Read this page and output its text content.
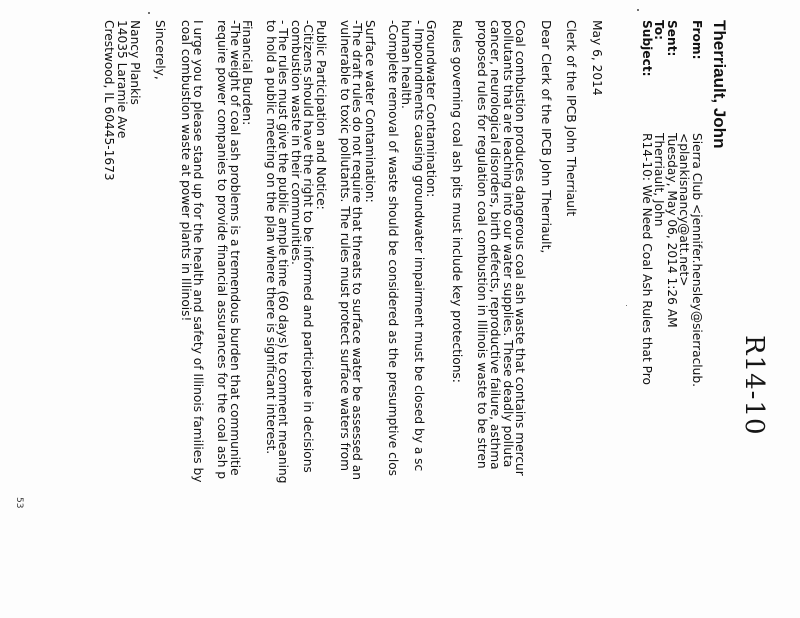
R14-10
Therriault, John
From:
Sierra Club <jennifer.hensley@sierraclub.
<plankisnancy@att.net>
Sent:
Tuesday, May 06, 2014 1:26 AM
To:
Therriault, John
Subject:
R14-10: We Need Coal Ash Rules that Pro

May 6, 2014

Clerk of the IPCB John Therriault

Dear Clerk of the IPCB John Therriault,

Coal combustion produces dangerous coal ash waste that contains mercur

pollutants that are leaching into our water supplies. These deadly polluta

cancer, neurological disorders, birth defects, reproductive failure, asthma

proposed rules for regulation coal combustion in Illinois waste to be stren

Rules governing coal ash pits must include key protections:

Groundwater Contamination:

- Impoundments causing groundwater impairment must be closed by a sc

human health.

-Complete removal of waste should be considered as the presumptive clos

Surface water Contamination:

-The draft rules do not require that threats to surface water be assessed an

vulnerable to toxic pollutants. The rules must protect surface waters from

Public Participation and Notice:

-Citizens should have the right to be informed and participate in decisions

combustion waste in their communities.

- The rules must give the public ample time (60 days) to comment meaning

to hold a public meeting on the plan where there is significant interest.

Financial Burden:

-The weight of coal ash problems is a tremendous burden that communitie

require power companies to provide financial assurances for the coal ash p

I urge you to please stand up for the health and safety of Illinois families by

coal combustion waste at power plants in Illinois!

Sincerely,

Nancy Plankis

14035 Laramie Ave

Crestwood, IL 60445-1673

53
